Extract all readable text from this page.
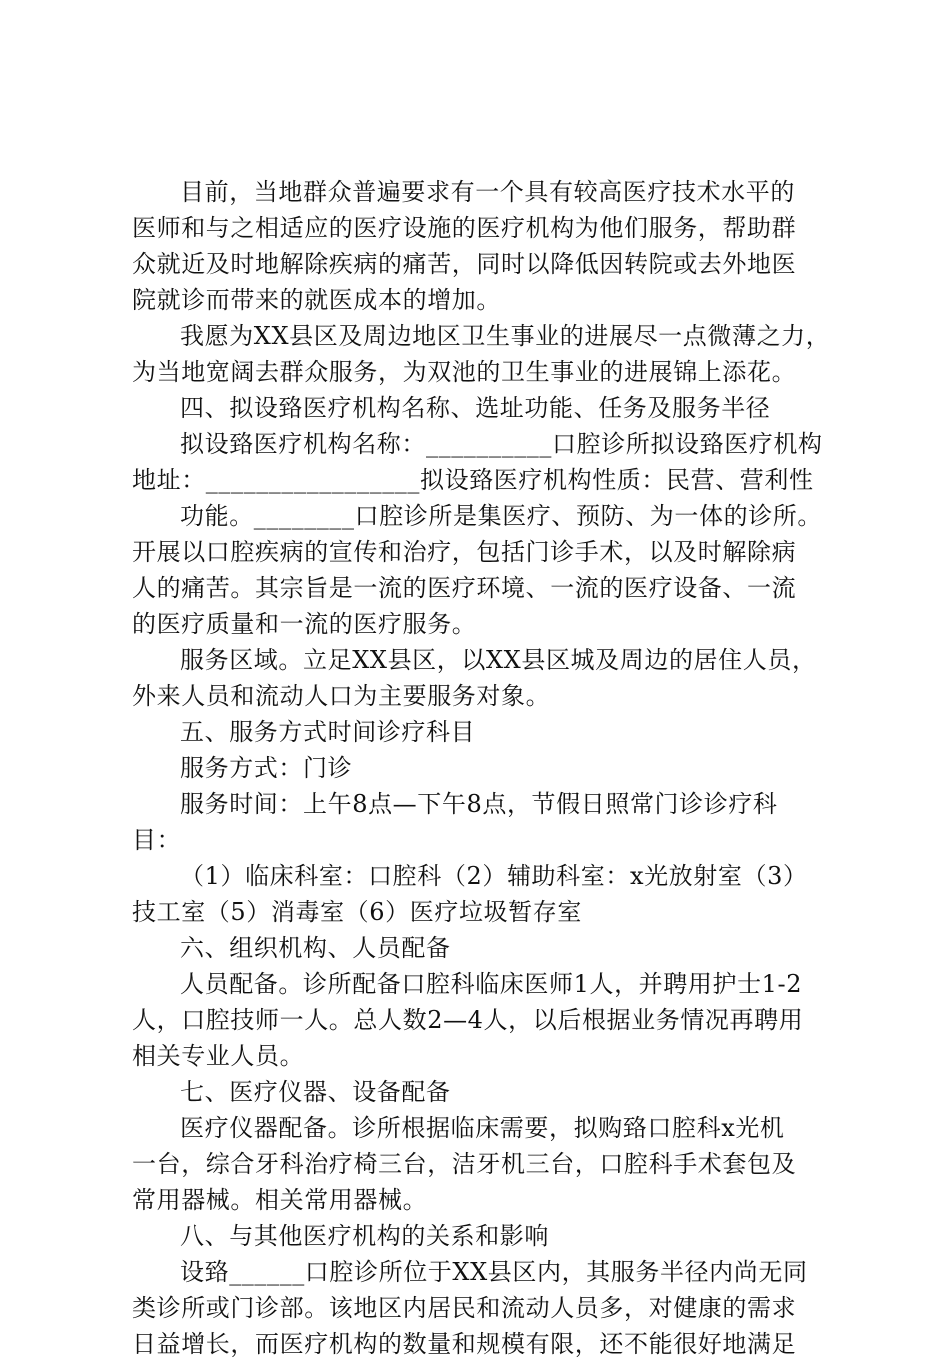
目前，当地群众普遍要求有一个具有较高医疗技术水平的
医师和与之相适应的医疗设施的医疗机构为他们服务，帮助群
众就近及时地解除疾病的痛苦，同时以降低因转院或去外地医
院就诊而带来的就医成本的增加。
我愿为XX县区及周边地区卫生事业的进展尽一点微薄之力，
为当地宽阔去群众服务，为双池的卫生事业的进展锦上添花。
四、拟设臵医疗机构名称、选址功能、任务及服务半径
拟设臵医疗机构名称：__________口腔诊所拟设臵医疗机构
地址：_________________拟设臵医疗机构性质：民营、营利性
功能。________口腔诊所是集医疗、预防、为一体的诊所。
开展以口腔疾病的宣传和治疗，包括门诊手术，以及时解除病
人的痛苦。其宗旨是一流的医疗环境、一流的医疗设备、一流
的医疗质量和一流的医疗服务。
服务区域。立足XX县区，以XX县区城及周边的居住人员，
外来人员和流动人口为主要服务对象。
五、服务方式时间诊疗科目
服务方式：门诊
服务时间：上午8点—下午8点，节假日照常门诊诊疗科
目：
（1）临床科室：口腔科（2）辅助科室：x光放射室（3）
技工室（5）消毒室（6）医疗垃圾暂存室
六、组织机构、人员配备
人员配备。诊所配备口腔科临床医师1人，并聘用护士1-2
人，口腔技师一人。总人数2—4人，以后根据业务情况再聘用
相关专业人员。
七、医疗仪器、设备配备
医疗仪器配备。诊所根据临床需要，拟购臵口腔科x光机
一台，综合牙科治疗椅三台，洁牙机三台，口腔科手术套包及
常用器械。相关常用器械。
八、与其他医疗机构的关系和影响
设臵______口腔诊所位于XX县区内，其服务半径内尚无同
类诊所或门诊部。该地区内居民和流动人员多，对健康的需求
日益增长，而医疗机构的数量和规模有限，还不能很好地满足
